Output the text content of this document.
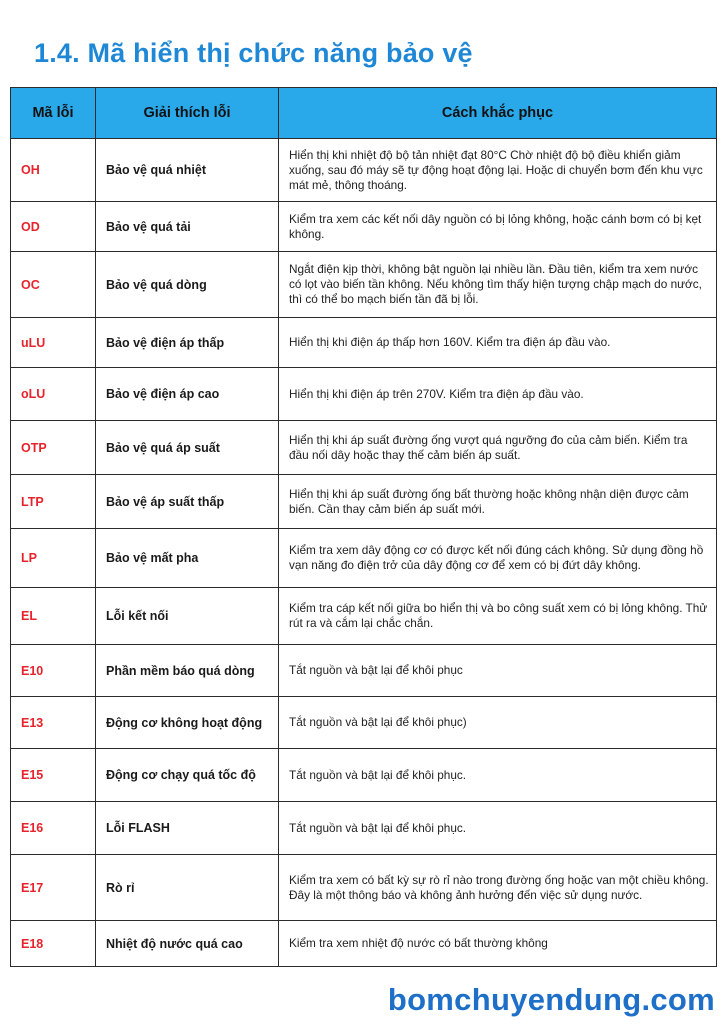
1.4. Mã hiển thị chức năng bảo vệ
Mã lỗi	Giải thích lỗi	Cách khắc phục
OH	Bảo vệ quá nhiệt	Hiển thị khi nhiệt độ bộ tản nhiệt đạt 80°C Chờ nhiệt độ bộ điều khiển giảm xuống, sau đó máy sẽ tự động hoạt động lại. Hoặc di chuyển bơm đến khu vực mát mẻ, thông thoáng.
OD	Bảo vệ quá tải	Kiểm tra xem các kết nối dây nguồn có bị lỏng không, hoặc cánh bơm có bị kẹt không.
OC	Bảo vệ quá dòng	Ngắt điện kịp thời, không bật nguồn lại nhiều lần. Đầu tiên, kiểm tra xem nước có lọt vào biến tần không. Nếu không tìm thấy hiện tượng chập mạch do nước, thì có thể bo mạch biến tần đã bị lỗi.
uLU	Bảo vệ điện áp thấp	Hiển thị khi điện áp thấp hơn 160V. Kiểm tra điện áp đầu vào.
oLU	Bảo vệ điện áp cao	Hiển thị khi điện áp trên 270V. Kiểm tra điện áp đầu vào.
OTP	Bảo vệ quá áp suất	Hiển thị khi áp suất đường ống vượt quá ngưỡng đo của cảm biến. Kiểm tra đầu nối dây hoặc thay thế cảm biến áp suất.
LTP	Bảo vệ áp suất thấp	Hiển thị khi áp suất đường ống bất thường hoặc không nhận diện được cảm biến. Cần thay cảm biến áp suất mới.
LP	Bảo vệ mất pha	Kiểm tra xem dây động cơ có được kết nối đúng cách không. Sử dụng đồng hồ vạn năng đo điện trở của dây động cơ để xem có bị đứt dây không.
EL	Lỗi kết nối	Kiểm tra cáp kết nối giữa bo hiển thị và bo công suất xem có bị lỏng không. Thử rút ra và cắm lại chắc chắn.
E10	Phần mềm báo quá dòng	Tắt nguồn và bật lại để khôi phục
E13	Động cơ không hoạt động	Tắt nguồn và bật lại để khôi phục)
E15	Động cơ chạy quá tốc độ	Tắt nguồn và bật lại để khôi phục.
E16	Lỗi FLASH	Tắt nguồn và bật lại để khôi phục.
E17	Rò rỉ	Kiểm tra xem có bất kỳ sự rò rỉ nào trong đường ống hoặc van một chiều không. Đây là một thông báo và không ảnh hưởng đến việc sử dụng nước.
E18	Nhiệt độ nước quá cao	Kiểm tra xem nhiệt độ nước có bất thường không
bomchuyendung.com
